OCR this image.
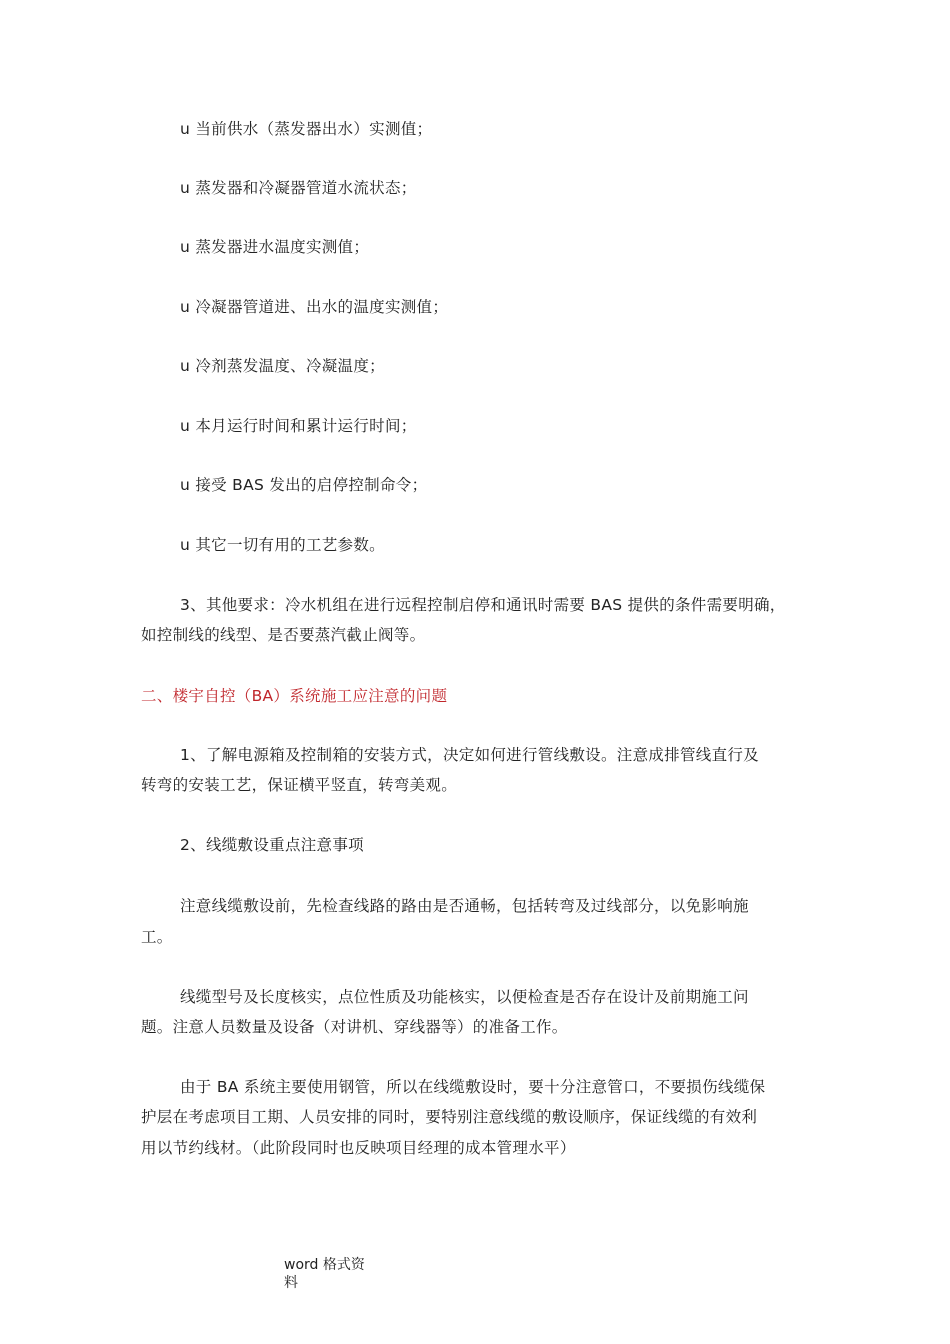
u 当前供水（蒸发器出水）实测值；
u 蒸发器和冷凝器管道水流状态；
u 蒸发器进水温度实测值；
u 冷凝器管道进、出水的温度实测值；
u 冷剂蒸发温度、冷凝温度；
u 本月运行时间和累计运行时间；
u 接受 BAS 发出的启停控制命令；
u 其它一切有用的工艺参数。
3、其他要求：冷水机组在进行远程控制启停和通讯时需要 BAS 提供的条件需要明确，
如控制线的线型、是否要蒸汽截止阀等。
二、楼宇自控（BA）系统施工应注意的问题
1、了解电源箱及控制箱的安装方式，决定如何进行管线敷设。注意成排管线直行及
转弯的安装工艺，保证横平竖直，转弯美观。
2、线缆敷设重点注意事项
注意线缆敷设前，先检查线路的路由是否通畅，包括转弯及过线部分，以免影响施
工。
线缆型号及长度核实，点位性质及功能核实，以便检查是否存在设计及前期施工问
题。注意人员数量及设备（对讲机、穿线器等）的准备工作。
由于 BA 系统主要使用钢管，所以在线缆敷设时，要十分注意管口，不要损伤线缆保
护层在考虑项目工期、人员安排的同时，要特别注意线缆的敷设顺序，保证线缆的有效利
用以节约线材。（此阶段同时也反映项目经理的成本管理水平）
word 格式资
料
